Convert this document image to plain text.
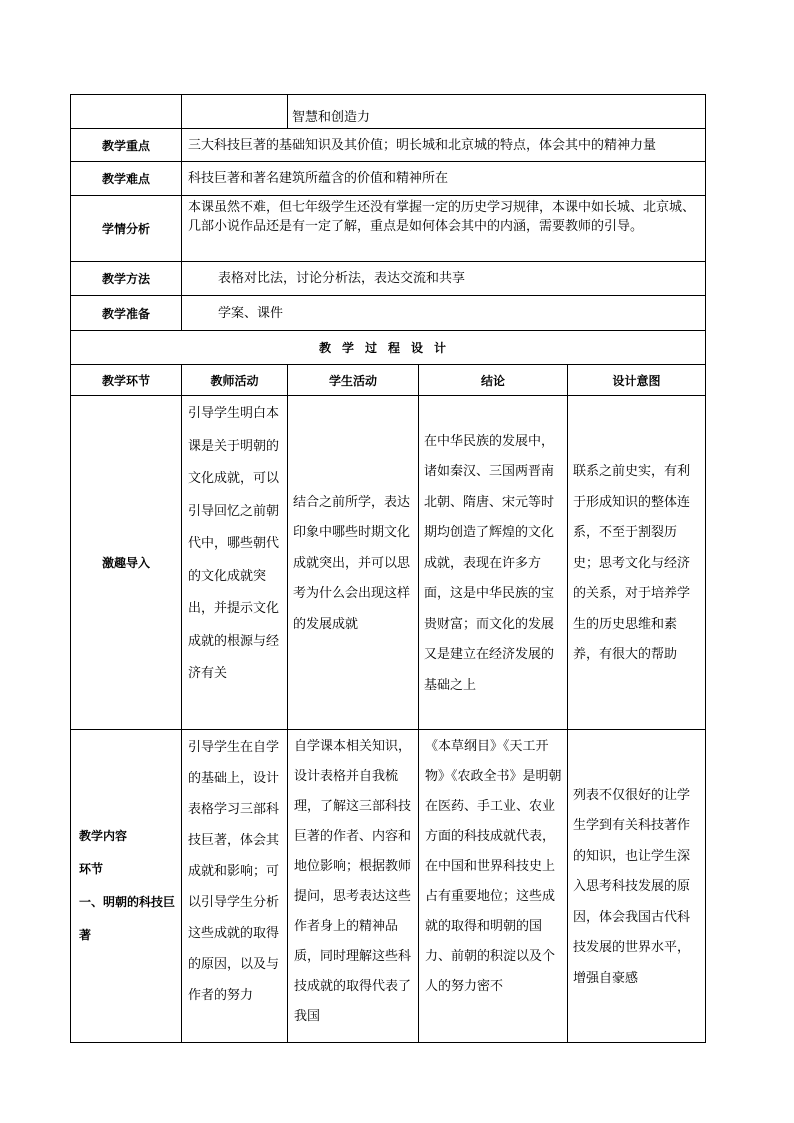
		智慧和创造力		
教学重点	三大科技巨著的基础知识及其价值；明长城和北京城的特点，体会其中的精神力量			
教学难点	科技巨著和著名建筑所蕴含的价值和精神所在			
学情分析	本课虽然不难，但七年级学生还没有掌握一定的历史学习规律，本课中如长城、北京城、几部小说作品还是有一定了解，重点是如何体会其中的内涵，需要教师的引导。			
教学方法	表格对比法，讨论分析法，表达交流和共享			
教学准备	学案、课件			
教学过程设计				
教学环节	教师活动	学生活动	结论	设计意图
激趣导入	引导学生明白本课是关于明朝的文化成就，可以引导回忆之前朝代中，哪些朝代的文化成就突出，并提示文化成就的根源与经济有关	结合之前所学，表达印象中哪些时期文化成就突出，并可以思考为什么会出现这样的发展成就	在中华民族的发展中，诸如秦汉、三国两晋南北朝、隋唐、宋元等时期均创造了辉煌的文化成就，表现在许多方面，这是中华民族的宝贵财富；而文化的发展又是建立在经济发展的基础之上	联系之前史实，有利于形成知识的整体连系，不至于割裂历史；思考文化与经济的关系，对于培养学生的历史思维和素养，有很大的帮助

教学内容
环节
一、明朝的科技巨著	引导学生在自学的基础上，设计表格学习三部科技巨著，体会其成就和影响；可以引导学生分析这些成就的取得的原因，以及与作者的努力	自学课本相关知识，设计表格并自我梳理，了解这三部科技巨著的作者、内容和地位影响；根据教师提问，思考表达这些作者身上的精神品质，同时理解这些科技成就的取得代表了我国	《本草纲目》《天工开物》《农政全书》是明朝在医药、手工业、农业方面的科技成就代表，在中国和世界科技史上占有重要地位；这些成就的取得和明朝的国力、前朝的积淀以及个人的努力密不	列表不仅很好的让学生学到有关科技著作的知识，也让学生深入思考科技发展的原因，体会我国古代科技发展的世界水平，增强自豪感
